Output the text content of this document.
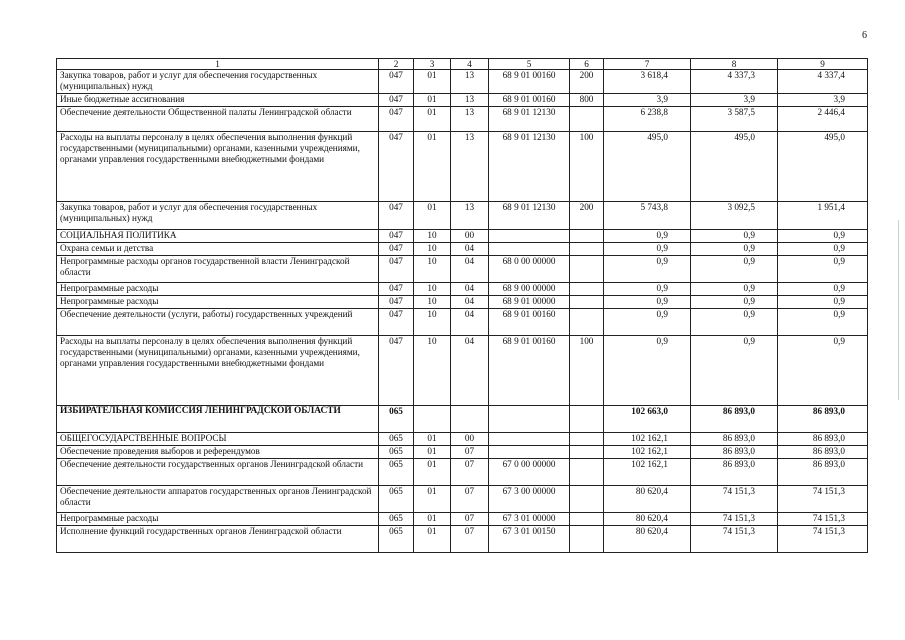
6
1	2	3	4	5	6	7	8	9
Закупка товаров, работ и услуг для обеспечения государственных (муниципальных) нужд	047	01	13	68 9 01 00160	200	3 618,4	4 337,3	4 337,4
Иные бюджетные ассигнования	047	01	13	68 9 01 00160	800	3,9	3,9	3,9
Обеспечение деятельности Общественной палаты Ленинградской области	047	01	13	68 9 01 12130		6 238,8	3 587,5	2 446,4
Расходы на выплаты персоналу в целях обеспечения выполнения функций государственными (муниципальными) органами, казенными учреждениями, органами управления государственными внебюджетными фондами	047	01	13	68 9 01 12130	100	495,0	495,0	495,0
Закупка товаров, работ и услуг для обеспечения государственных (муниципальных) нужд	047	01	13	68 9 01 12130	200	5 743,8	3 092,5	1 951,4
СОЦИАЛЬНАЯ ПОЛИТИКА	047	10	00			0,9	0,9	0,9
Охрана семьи и детства	047	10	04			0,9	0,9	0,9
Непрограммные расходы органов государственной власти Ленинградской области	047	10	04	68 0 00 00000		0,9	0,9	0,9
Непрограммные расходы	047	10	04	68 9 00 00000		0,9	0,9	0,9
Непрограммные расходы	047	10	04	68 9 01 00000		0,9	0,9	0,9
Обеспечение деятельности (услуги, работы) государственных учреждений	047	10	04	68 9 01 00160		0,9	0,9	0,9
Расходы на выплаты персоналу в целях обеспечения выполнения функций государственными (муниципальными) органами, казенными учреждениями, органами управления государственными внебюджетными фондами	047	10	04	68 9 01 00160	100	0,9	0,9	0,9
ИЗБИРАТЕЛЬНАЯ КОМИССИЯ ЛЕНИНГРАДСКОЙ ОБЛАСТИ	065					102 663,0	86 893,0	86 893,0
ОБЩЕГОСУДАРСТВЕННЫЕ ВОПРОСЫ	065	01	00			102 162,1	86 893,0	86 893,0
Обеспечение проведения выборов и референдумов	065	01	07			102 162,1	86 893,0	86 893,0
Обеспечение деятельности государственных органов Ленинградской области	065	01	07	67 0 00 00000		102 162,1	86 893,0	86 893,0
Обеспечение деятельности аппаратов государственных органов Ленинградской области	065	01	07	67 3 00 00000		80 620,4	74 151,3	74 151,3
Непрограммные расходы	065	01	07	67 3 01 00000		80 620,4	74 151,3	74 151,3
Исполнение функций государственных органов Ленинградской области	065	01	07	67 3 01 00150		80 620,4	74 151,3	74 151,3
